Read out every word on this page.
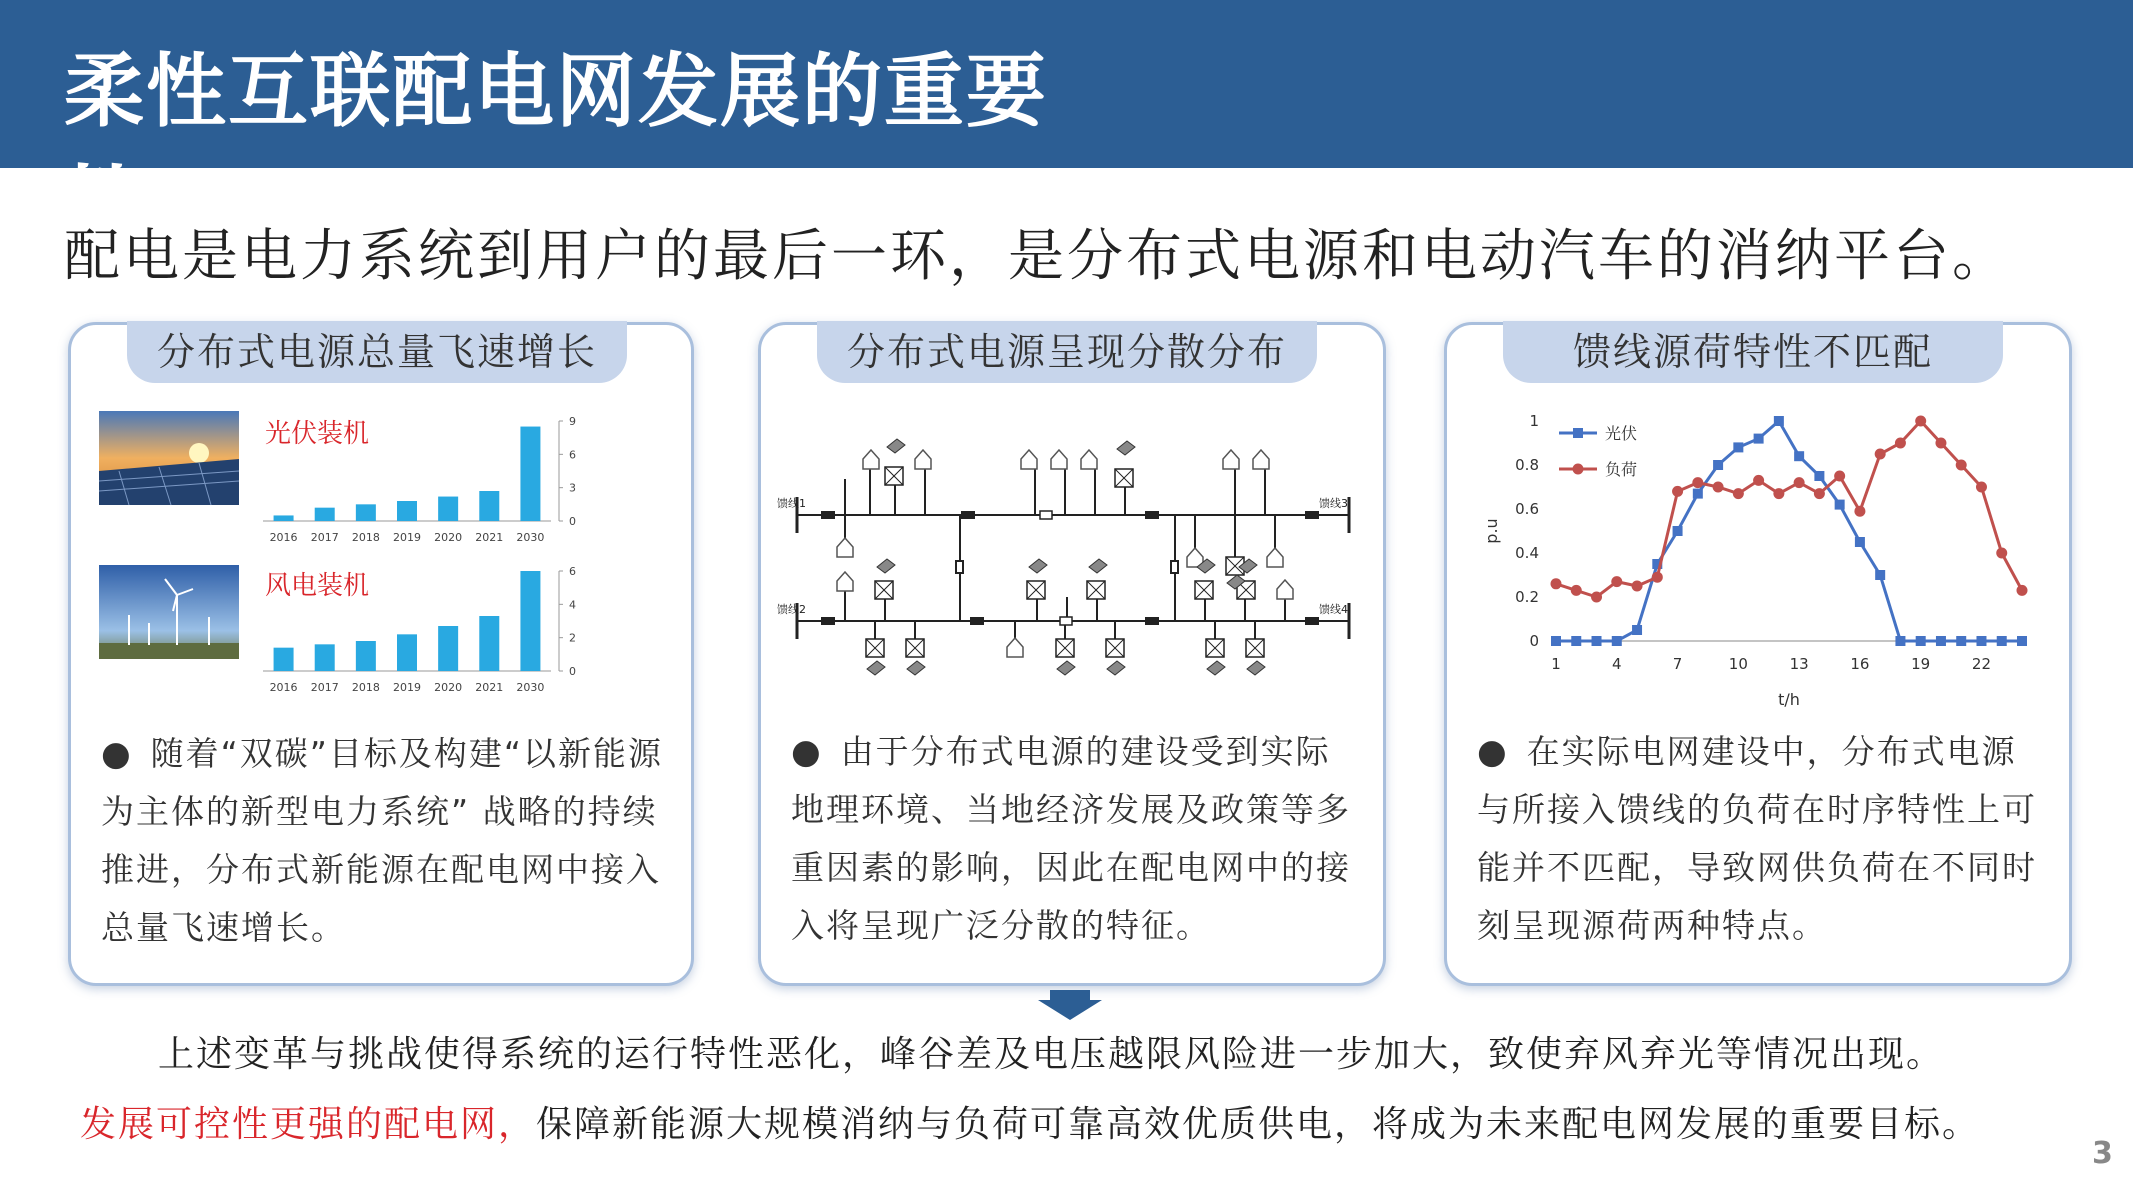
柔性互联配电网发展的重要性
配电是电力系统到用户的最后一环，是分布式电源和电动汽车的消纳平台。
分布式电源总量飞速增长
光伏装机
2016 2017 2018 2019 2020 2021 2030
0
3
6
9
风电装机
2016 2017 2018 2019 2020 2021 2030
0
2
4
6
● 随着“双碳”目标及构建“以新能源为主体的新型电力系统” 战略的持续推进，分布式新能源在配电网中接入总量飞速增长。
分布式电源呈现分散分布
馈线1
馈线2
馈线3
馈线4
● 由于分布式电源的建设受到实际地理环境、当地经济发展及政策等多重因素的影响，因此在配电网中的接入将呈现广泛分散的特征。
馈线源荷特性不匹配
0
0.2
0.4
0.6
0.8
1
1	4	7	10	13	16	19	22
t/h
p.u
光伏
负荷
● 在实际电网建设中，分布式电源与所接入馈线的负荷在时序特性上可能并不匹配，导致网供负荷在不同时刻呈现源荷两种特点。
上述变革与挑战使得系统的运行特性恶化，峰谷差及电压越限风险进一步加大，致使弃风弃光等情况出现。
发展可控性更强的配电网，保障新能源大规模消纳与负荷可靠高效优质供电，将成为未来配电网发展的重要目标。
3
